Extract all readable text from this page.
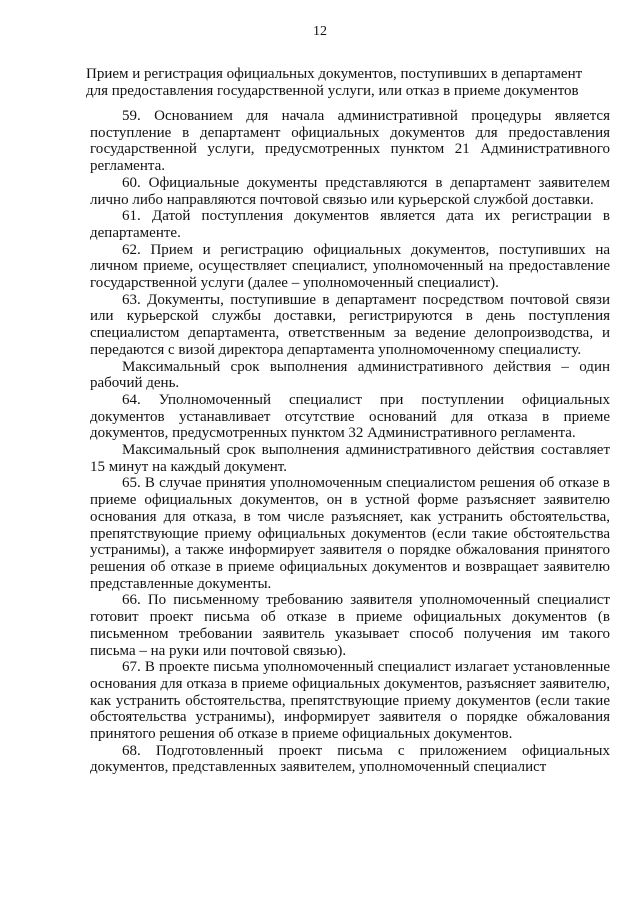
12
Прием и регистрация официальных документов, поступивших в департамент
для предоставления государственной услуги, или отказ в приеме документов

59. Основанием для начала административной процедуры является поступление в департамент официальных документов для предоставления государственной услуги, предусмотренных пунктом 21 Административного регламента.

60. Официальные документы представляются в департамент заявителем лично либо направляются почтовой связью или курьерской службой доставки.

61. Датой поступления документов является дата их регистрации в департаменте.

62. Прием и регистрацию официальных документов, поступивших на личном приеме, осуществляет специалист, уполномоченный на предоставление государственной услуги (далее – уполномоченный специалист).

63. Документы, поступившие в департамент посредством почтовой связи или курьерской службы доставки, регистрируются в день поступления специалистом департамента, ответственным за ведение делопроизводства, и передаются с визой директора департамента уполномоченному специалисту.

Максимальный срок выполнения административного действия – один рабочий день.

64. Уполномоченный специалист при поступлении официальных документов устанавливает отсутствие оснований для отказа в приеме документов, предусмотренных пунктом 32 Административного регламента.

Максимальный срок выполнения административного действия составляет 15 минут на каждый документ.

65. В случае принятия уполномоченным специалистом решения об отказе в приеме официальных документов, он в устной форме разъясняет заявителю основания для отказа, в том числе разъясняет, как устранить обстоятельства, препятствующие приему официальных документов (если такие обстоятельства устранимы), а также информирует заявителя о порядке обжалования принятого решения об отказе в приеме официальных документов и возвращает заявителю представленные документы.

66. По письменному требованию заявителя уполномоченный специалист готовит проект письма об отказе в приеме официальных документов (в письменном требовании заявитель указывает способ получения им такого письма – на руки или почтовой связью).

67. В проекте письма уполномоченный специалист излагает установленные основания для отказа в приеме официальных документов, разъясняет заявителю, как устранить обстоятельства, препятствующие приему документов (если такие обстоятельства устранимы), информирует заявителя о порядке обжалования принятого решения об отказе в приеме официальных документов.

68. Подготовленный проект письма с приложением официальных документов, представленных заявителем, уполномоченный специалист
